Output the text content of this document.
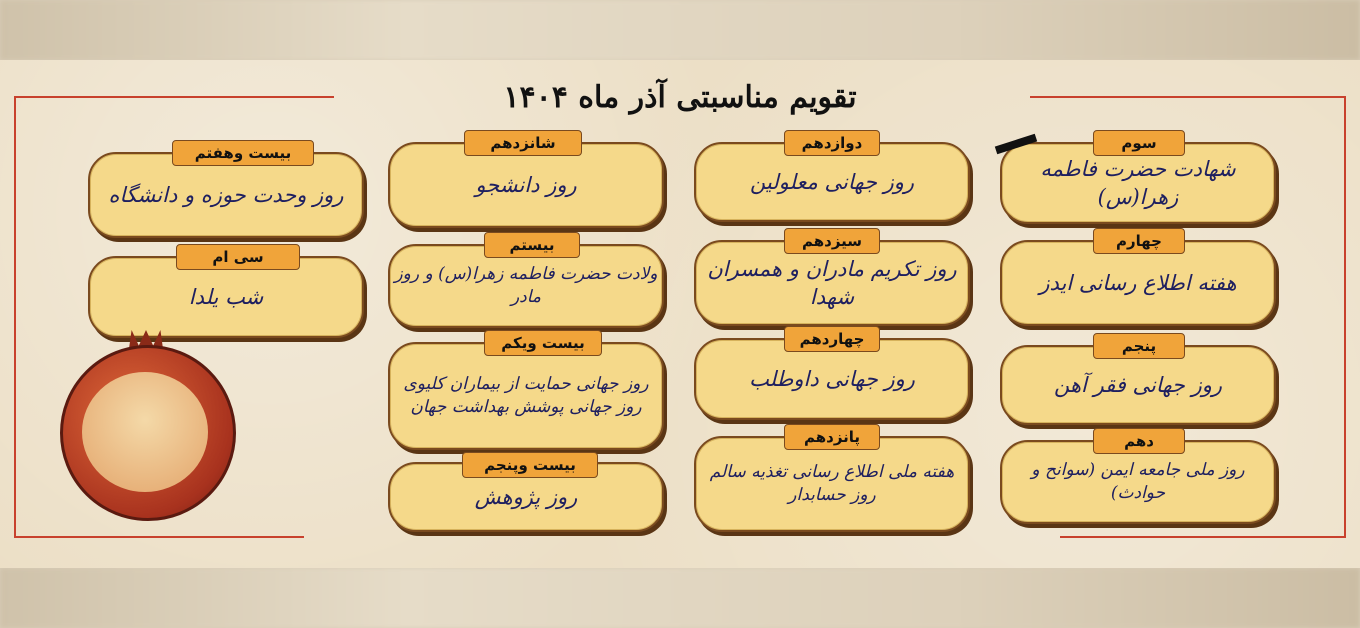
تقویم مناسبتی آذر ماه ۱۴۰۴
شهادت حضرت فاطمه زهرا(س)
سوم
هفته اطلاع رسانی ایدز
چهارم
روز جهانی فقر آهن
پنجم
روز ملی جامعه ایمن (سوانح و حوادث)
دهم
روز جهانی معلولین
دوازدهم
روز تکریم مادران و همسران شهدا
سیزدهم
روز جهانی داوطلب
چهاردهم
هفته ملی اطلاع رسانی تغذیه سالم
روز حسابدار
پانزدهم
روز دانشجو
شانزدهم
ولادت حضرت فاطمه زهرا(س) و روز مادر
بیستم
روز جهانی حمایت از بیماران کلیوی
روز جهانی پوشش بهداشت جهان
بیست ویکم
روز پژوهش
بیست وپنجم
روز وحدت حوزه و دانشگاه
بیست وهفتم
شب یلدا
سی ام
